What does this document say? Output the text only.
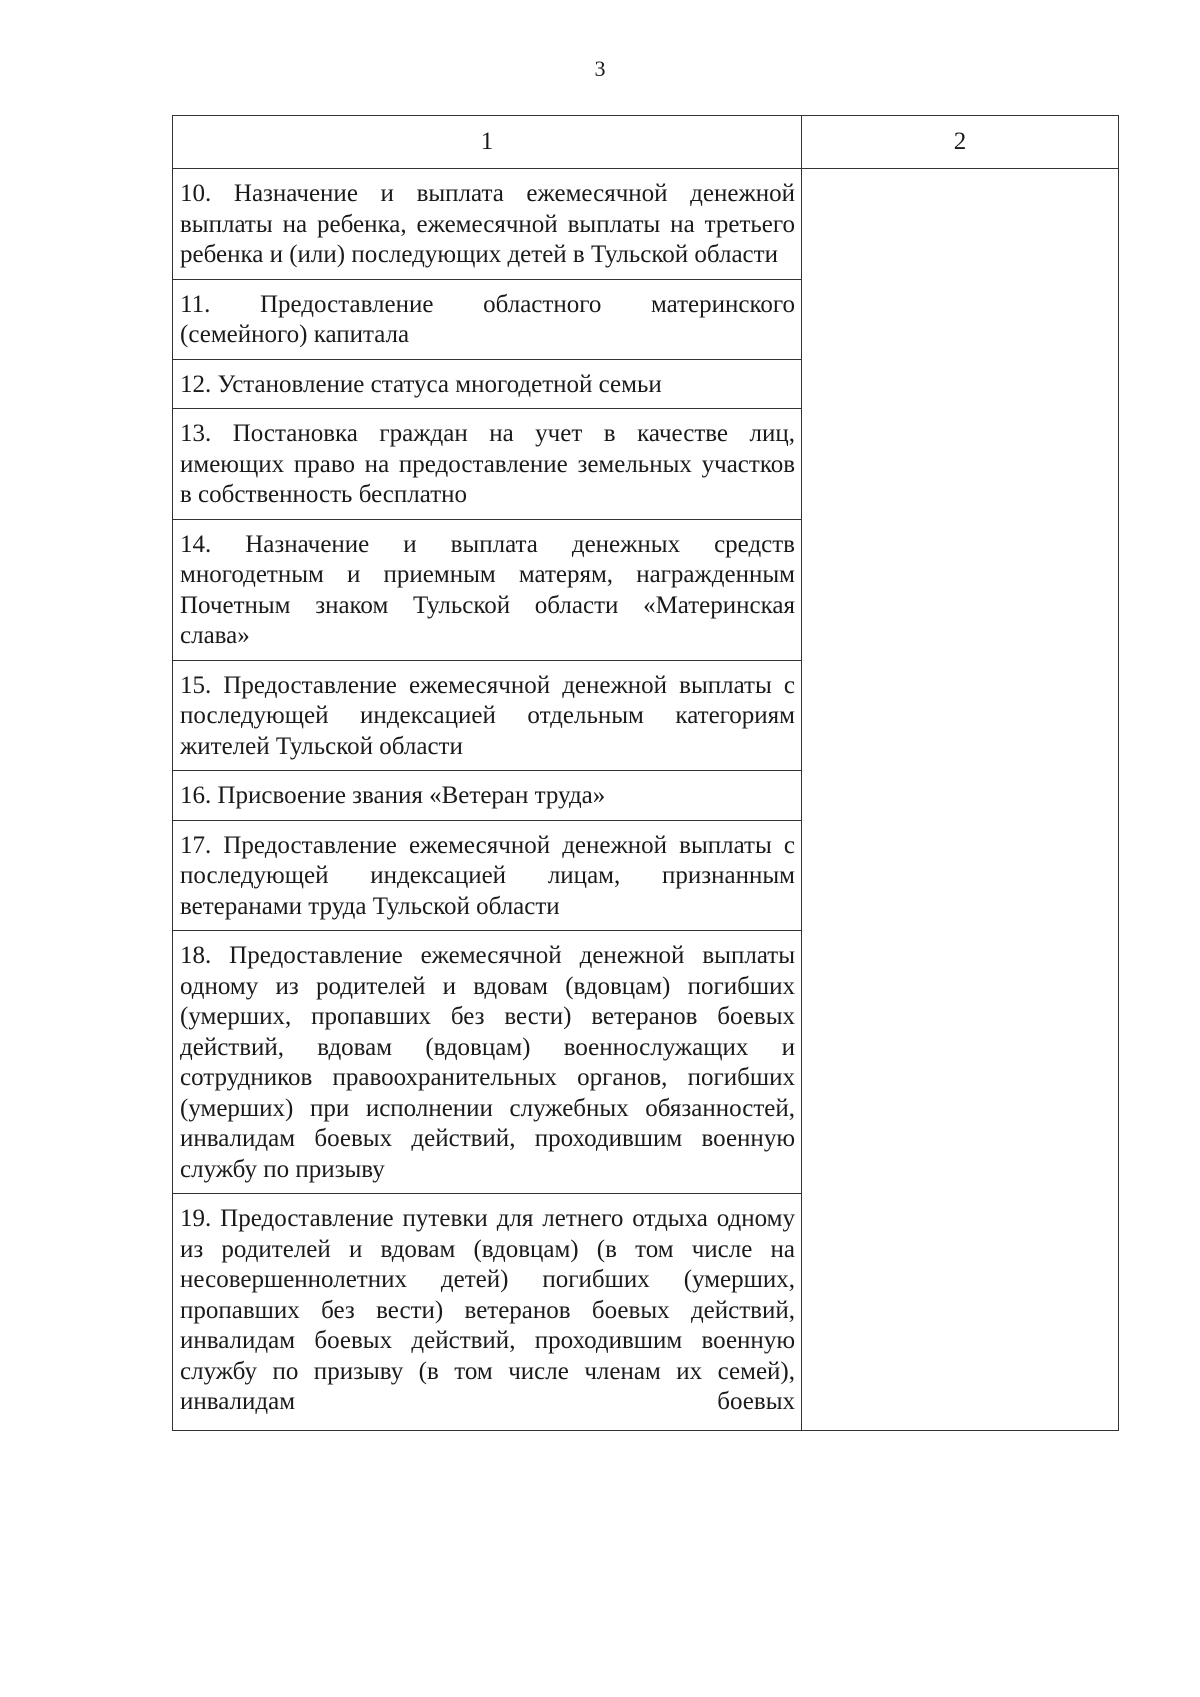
3
1	2
10. Назначение и выплата ежемесячной денежной выплаты на ребенка, ежемесячной выплаты на третьего ребенка и (или) последующих детей в Тульской области	
11. Предоставление областного материнского (семейного) капитала	
12. Установление статуса многодетной семьи	
13. Постановка граждан на учет в качестве лиц, имеющих право на предоставление земельных участков в собственность бесплатно	
14. Назначение и выплата денежных средств многодетным и приемным матерям, награжденным Почетным знаком Тульской области «Материнская слава»	
15. Предоставление ежемесячной денежной выплаты с последующей индексацией отдельным категориям жителей Тульской области	
16. Присвоение звания «Ветеран труда»	
17. Предоставление ежемесячной денежной выплаты с последующей индексацией лицам, признанным ветеранами труда Тульской области	
18. Предоставление ежемесячной денежной выплаты одному из родителей и вдовам (вдовцам) погибших (умерших, пропавших без вести) ветеранов боевых действий, вдовам (вдовцам) военнослужащих и сотрудников правоохранительных органов, погибших (умерших) при исполнении служебных обязанностей, инвалидам боевых действий, проходившим военную службу по призыву	
19. Предоставление путевки для летнего отдыха одному из родителей и вдовам (вдовцам) (в том числе на несовершеннолетних детей) погибших (умерших, пропавших без вести) ветеранов боевых действий, инвалидам боевых действий, проходившим военную службу по призыву (в том числе членам их семей), инвалидам боевых	
